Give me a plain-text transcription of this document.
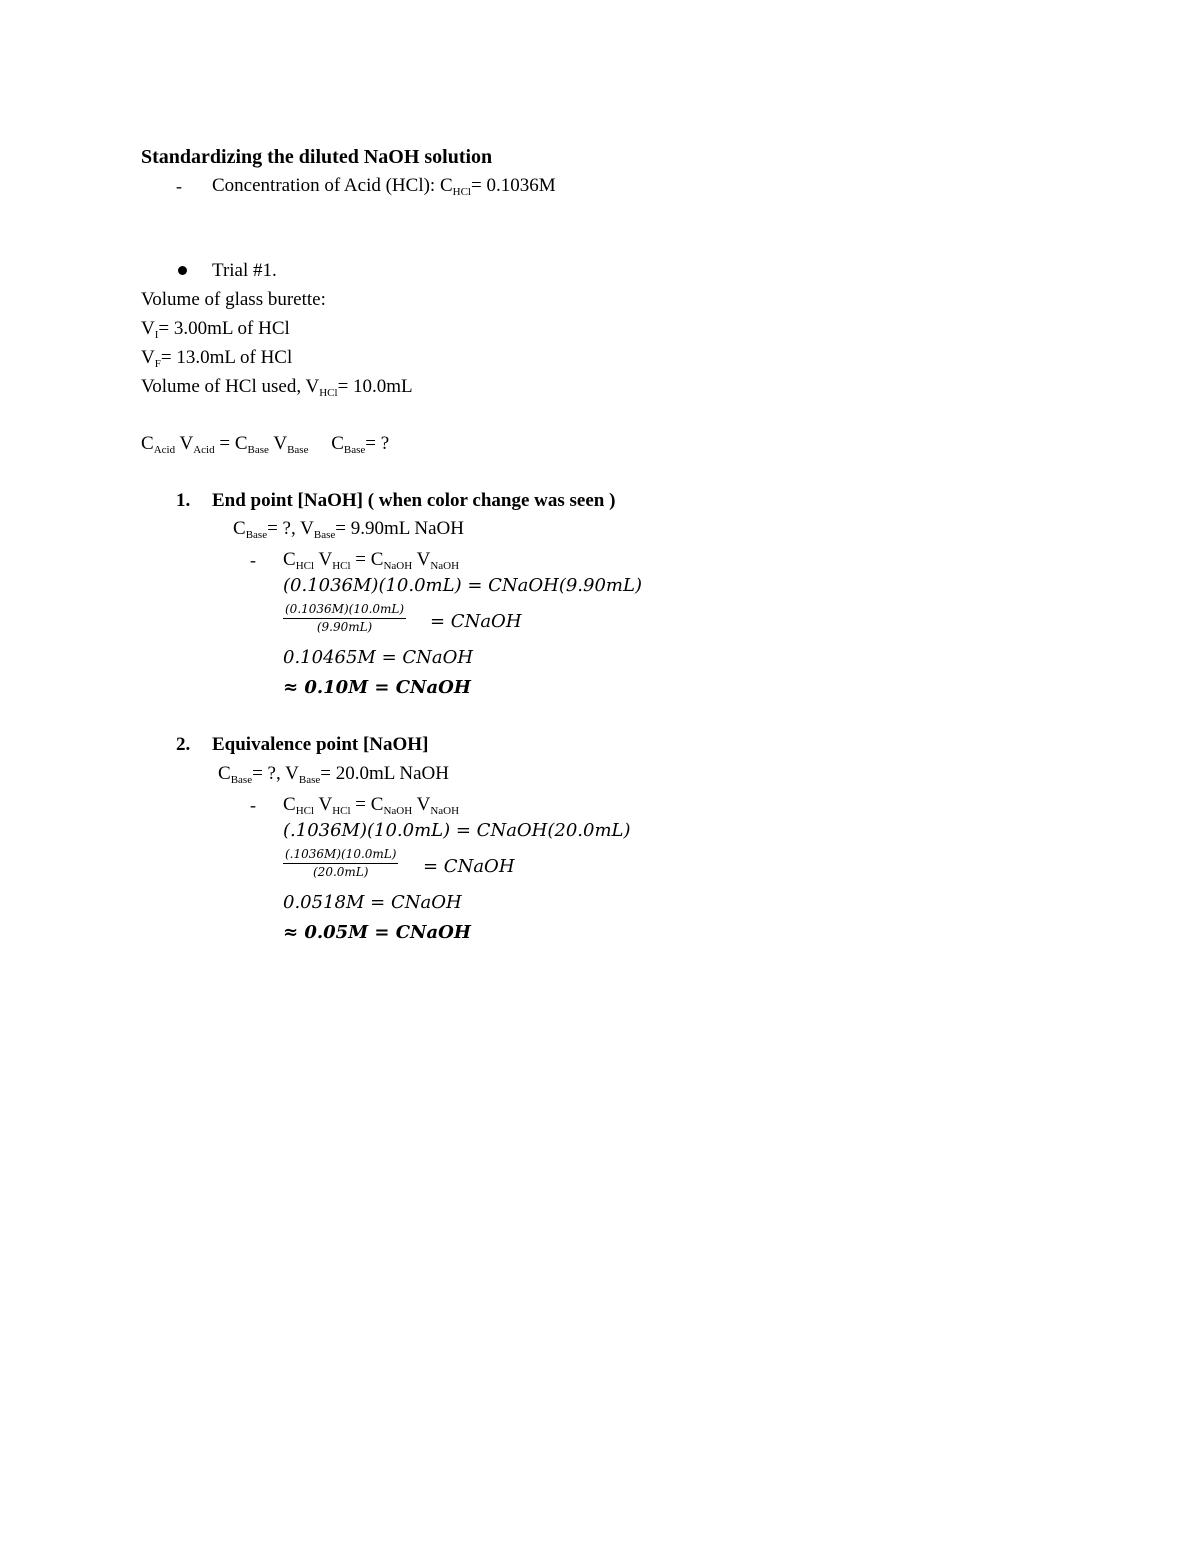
Standardizing the diluted NaOH solution
- Concentration of Acid (HCl): $C_{HCl}= 0.1036M$
Trial #1.
Volume of glass burette:
$V_I= 3.00mL$ of HCl
$V_F= 13.0mL$ of HCl
Volume of HCl used, $V_{HCl}= 10.0mL$
$C_{Acid}$ $V_{Acid} = C_{Base}$ $V_{Base}$ $C_{Base}=$ ?
1. End point [NaOH] ( when color change was seen )
$C_{Base}=$ ?, $V_{Base}= 9.90mL$ NaOH
- $C_{HCl}$ $V_{HCl} = C_{NaOH}$ $V_{NaOH}$
(0.1036M)(10.0mL) = CNaOH(9.90mL)
$\frac{(0.1036M)(10.0mL)}{(9.90mL)}$ = CNaOH
0.10465M = CNaOH
≈ 0.10M = CNaOH
2. Equivalence point [NaOH]
$C_{Base}=$ ?, $V_{Base}= 20.0mL$ NaOH
- $C_{HCl}$ $V_{HCl} = C_{NaOH}$ $V_{NaOH}$
(.1036M)(10.0mL) = CNaOH(20.0mL)
$\frac{(.1036M)(10.0mL)}{(20.0mL)}$ = CNaOH
0.0518M = CNaOH
≈ 0.05M = CNaOH
